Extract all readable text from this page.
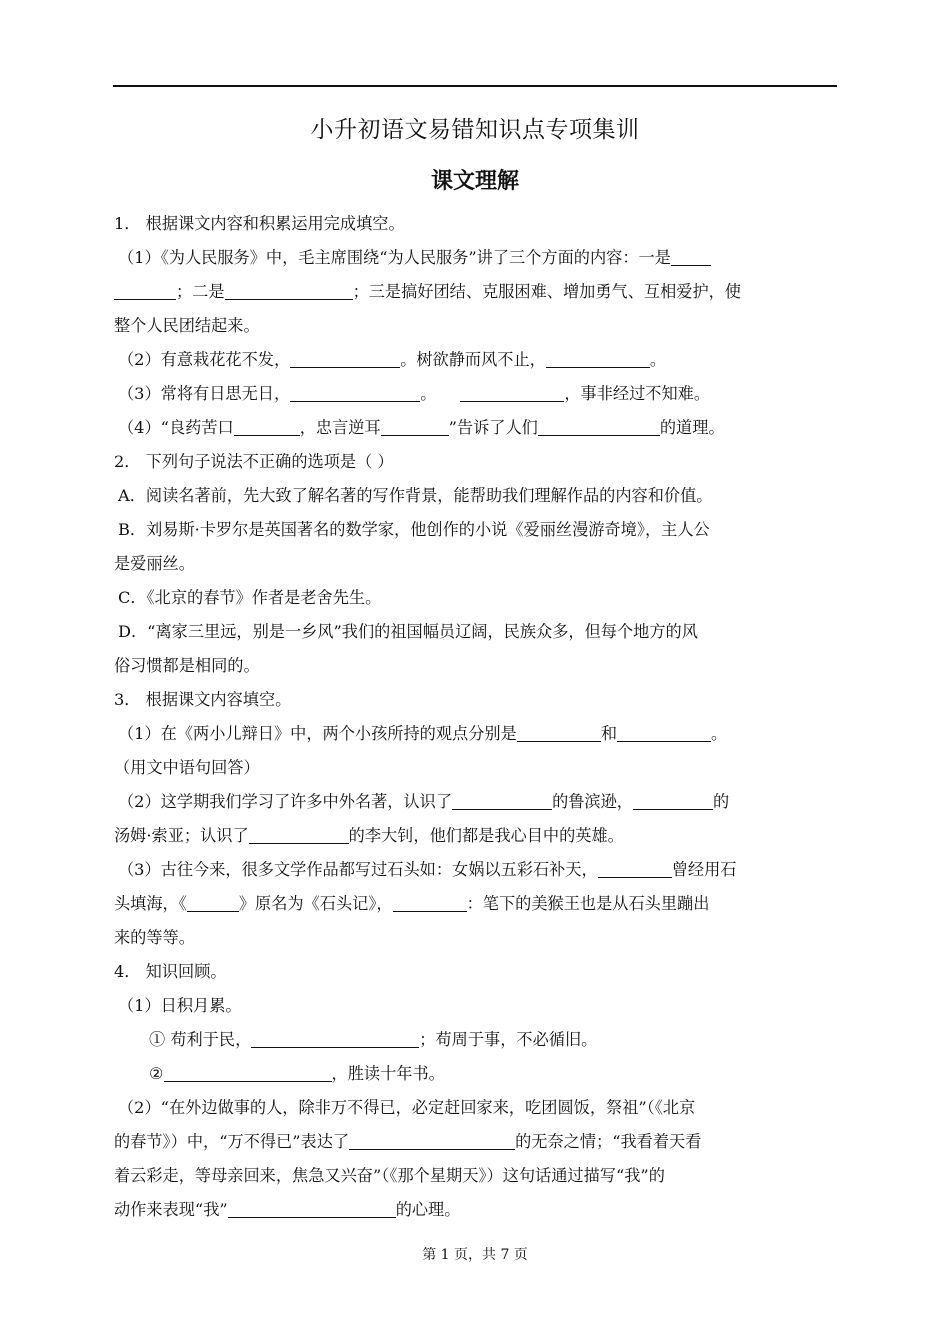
小升初语文易错知识点专项集训
课文理解

1． 根据课文内容和积累运用完成填空。

（1）《为人民服务》中，毛主席围绕“为人民服务”讲了三个方面的内容：一是

；二是	；三是搞好团结、克服困难、增加勇气、互相爱护，使

整个人民团结起来。

（2）有意栽花花不发，	。树欲静而风不止，	。

（3）常将有日思无日，	。	，事非经过不知难。

（4）“良药苦口	，忠言逆耳	”告诉了人们	的道理。

2． 下列句子说法不正确的选项是（ ）

A．阅读名著前，先大致了解名著的写作背景，能帮助我们理解作品的内容和价值。

B．刘易斯·卡罗尔是英国著名的数学家，他创作的小说《爱丽丝漫游奇境》，主人公

是爱丽丝。

C．《北京的春节》作者是老舍先生。

D．“离家三里远，别是一乡风”我们的祖国幅员辽阔，民族众多，但每个地方的风

俗习惯都是相同的。

3． 根据课文内容填空。

（1）在《两小儿辩日》中，两个小孩所持的观点分别是	和	。

（用文中语句回答）

（2）这学期我们学习了许多中外名著，认识了	的鲁滨逊，	的

汤姆·索亚；认识了	的李大钊，他们都是我心目中的英雄。

（3）古往今来，很多文学作品都写过石头如：女娲以五彩石补天，	曾经用石

头填海，《	》原名为《石头记》，	：笔下的美猴王也是从石头里蹦出

来的等等。

4． 知识回顾。

（1）日积月累。

① 苟利于民，	；苟周于事，不必循旧。

②	，胜读十年书。

（2）“在外边做事的人，除非万不得已，必定赶回家来，吃团圆饭，祭祖”（《北京

的春节》）中，“万不得已”表达了	的无奈之情；“我看着天看

着云彩走，等母亲回来，焦急又兴奋”（《那个星期天》）这句话通过描写“我”的

动作来表现“我”	的心理。

第 1 页，共 7 页
